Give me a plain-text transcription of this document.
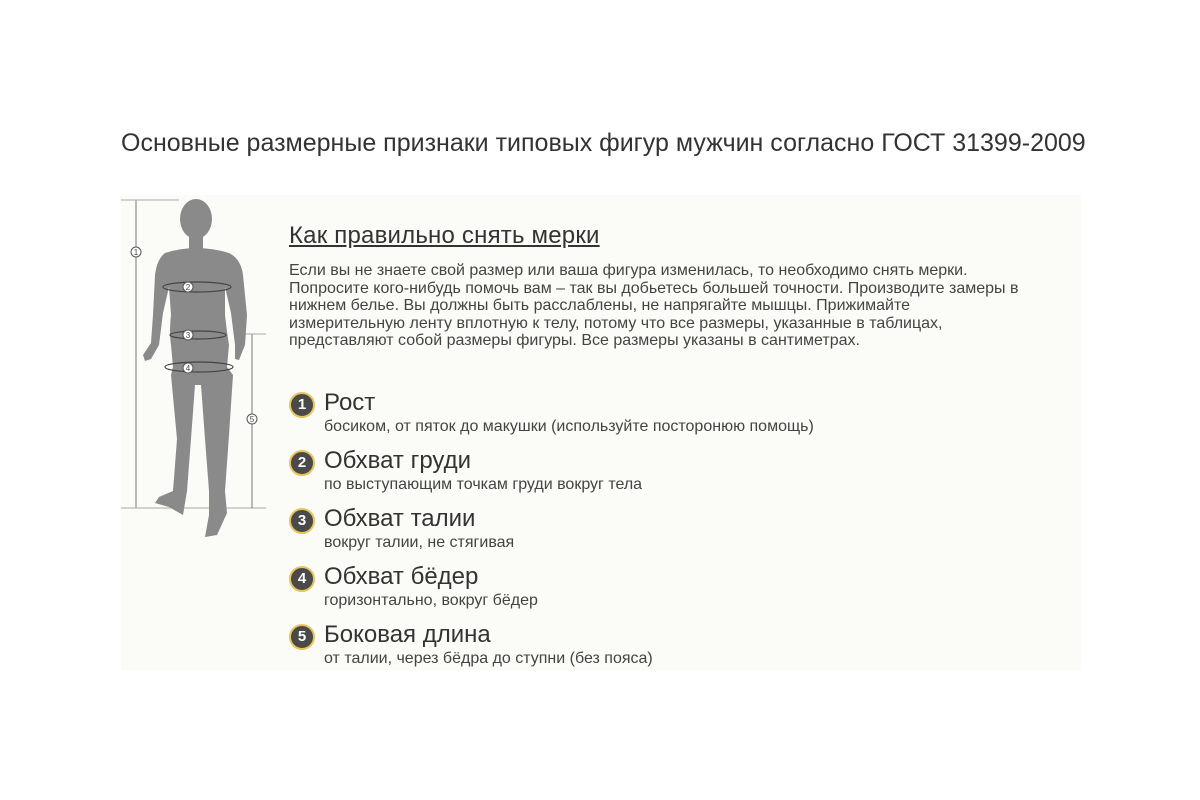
Основные размерные признаки типовых фигур мужчин согласно ГОСТ 31399-2009
1
2
3
4
5
Как правильно снять мерки

Если вы не знаете свой размер или ваша фигура изменилась, то необходимо снять мерки. Попросите кого-нибудь помочь вам – так вы добьетесь большей точности. Производите замеры в нижнем белье. Вы должны быть расслаблены, не напрягайте мышцы. Прижимайте измерительную ленту вплотную к телу, потому что все размеры, указанные в таблицах, представляют собой размеры фигуры. Все размеры указаны в сантиметрах.

1 Рост
босиком, от пяток до макушки (используйте посторонюю помощь)
2 Обхват груди
по выступающим точкам груди вокруг тела
3 Обхват талии
вокруг талии, не стягивая
4 Обхват бёдер
горизонтально, вокруг бёдер
5 Боковая длина
от талии, через бёдра до ступни (без пояса)
